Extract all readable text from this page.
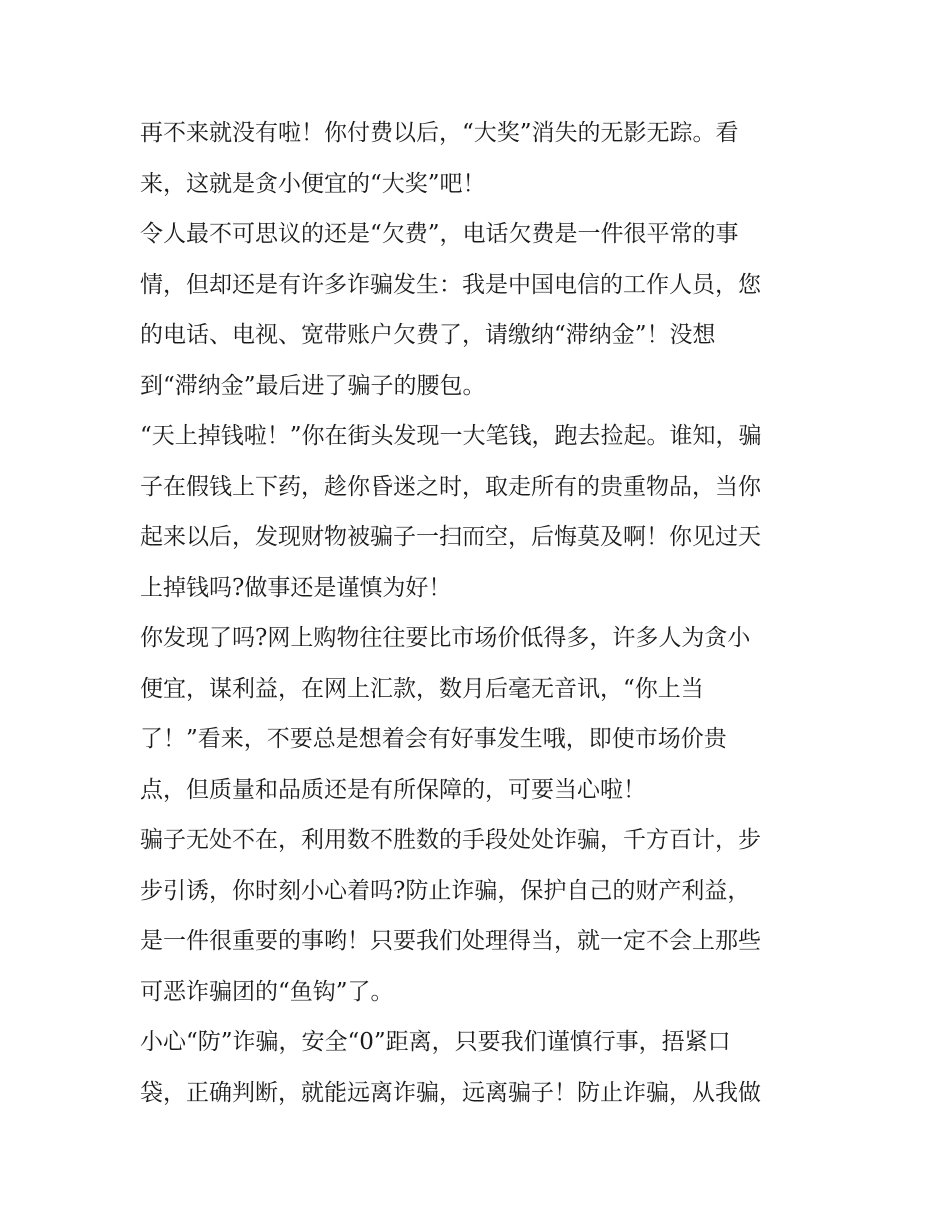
再不来就没有啦！你付费以后，“大奖”消失的无影无踪。看
来，这就是贪小便宜的“大奖”吧！
令人最不可思议的还是“欠费”，电话欠费是一件很平常的事
情，但却还是有许多诈骗发生：我是中国电信的工作人员，您
的电话、电视、宽带账户欠费了，请缴纳“滞纳金”！没想
到“滞纳金”最后进了骗子的腰包。
“天上掉钱啦！”你在街头发现一大笔钱，跑去捡起。谁知，骗
子在假钱上下药，趁你昏迷之时，取走所有的贵重物品，当你
起来以后，发现财物被骗子一扫而空，后悔莫及啊！你见过天
上掉钱吗?做事还是谨慎为好！
你发现了吗?网上购物往往要比市场价低得多，许多人为贪小
便宜，谋利益，在网上汇款，数月后毫无音讯，“你上当
了！”看来，不要总是想着会有好事发生哦，即使市场价贵
点，但质量和品质还是有所保障的，可要当心啦！
骗子无处不在，利用数不胜数的手段处处诈骗，千方百计，步
步引诱，你时刻小心着吗?防止诈骗，保护自己的财产利益，
是一件很重要的事哟！只要我们处理得当，就一定不会上那些
可恶诈骗团的“鱼钩”了。
小心“防”诈骗，安全“0”距离，只要我们谨慎行事，捂紧口
袋，正确判断，就能远离诈骗，远离骗子！防止诈骗，从我做
